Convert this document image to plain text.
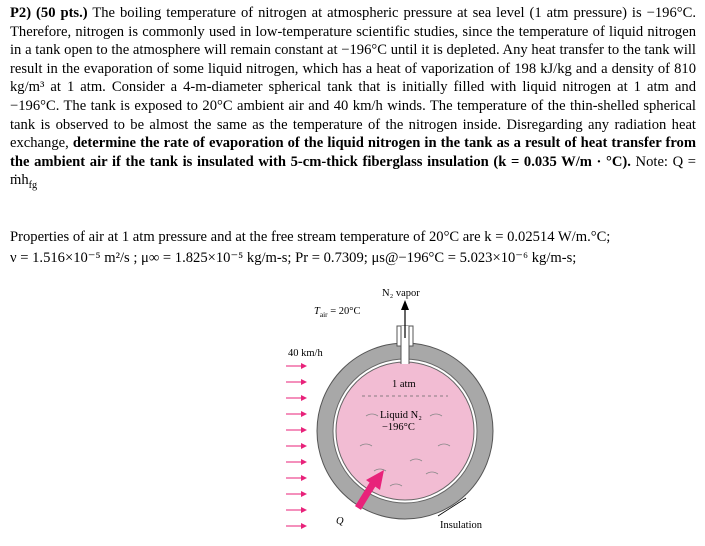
P2) (50 pts.) The boiling temperature of nitrogen at atmospheric pressure at sea level (1 atm pressure) is −196°C. Therefore, nitrogen is commonly used in low-temperature scientific studies, since the temperature of liquid nitrogen in a tank open to the atmosphere will remain constant at −196°C until it is depleted. Any heat transfer to the tank will result in the evaporation of some liquid nitrogen, which has a heat of vaporization of 198 kJ/kg and a density of 810 kg/m³ at 1 atm. Consider a 4-m-diameter spherical tank that is initially filled with liquid nitrogen at 1 atm and −196°C. The tank is exposed to 20°C ambient air and 40 km/h winds. The temperature of the thin-shelled spherical tank is observed to be almost the same as the temperature of the nitrogen inside. Disregarding any radiation heat exchange, determine the rate of evaporation of the liquid nitrogen in the tank as a result of heat transfer from the ambient air if the tank is insulated with 5-cm-thick fiberglass insulation (k = 0.035 W/m · °C). Note: Q = ṁh$_{fg}$
Properties of air at 1 atm pressure and at the free stream temperature of 20°C are k = 0.02514 W/m.°C;
ν = 1.516×10⁻⁵ m²/s ; μ∞ = 1.825×10⁻⁵ kg/m-s; Pr = 0.7309; μs@−196°C = 5.023×10⁻⁶ kg/m-s;
N₂ vapor
$T_{air} = 20^\circ C$
40 km/h
1 atm
Liquid N₂
−196°C
Q	Insulation
